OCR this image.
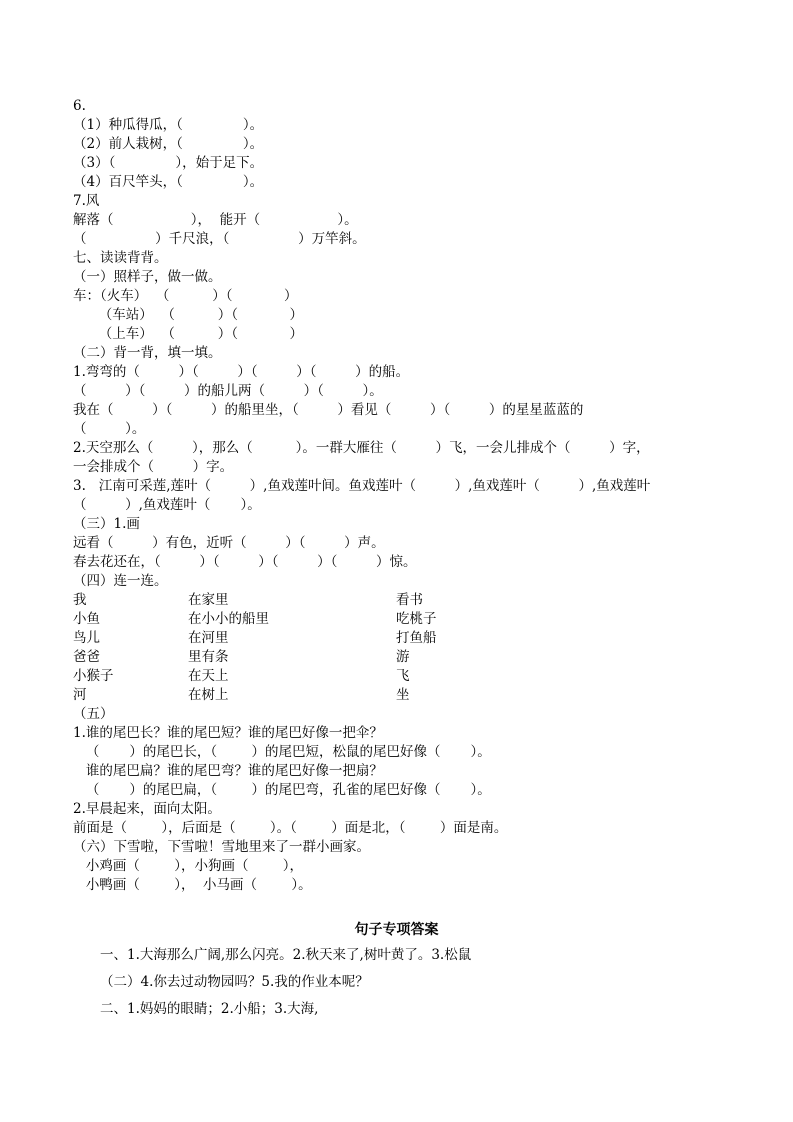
6.
（1）种瓜得瓜，（              ）。
（2）前人栽树，（              ）。
（3）（              ），始于足下。
（4）百尺竿头，（              ）。
7.风
解落（                  ），  能开（                  ）。
（                ）千尺浪，（                ）万竿斜。
七、读读背背。
（一）照样子，做一做。
车：（火车）  （          ）（            ）
（车站）  （          ）（            ）
（上车）  （          ）（            ）
（二）背一背，填一填。
1.弯弯的（         ）（         ）（         ）（         ）的船。
（         ）（         ）的船儿两（         ）（         ）。
我在（         ）（         ）的船里坐，（         ）看见（         ）（         ）的星星蓝蓝的
（         ）。
2.天空那么（         ），那么（          ）。一群大雁往（         ）飞，一会儿排成个（         ）字，
一会排成个（         ）字。
3.   江南可采莲,莲叶（         ）,鱼戏莲叶间。鱼戏莲叶（         ）,鱼戏莲叶（         ）,鱼戏莲叶
（         ）,鱼戏莲叶（       ）。
（三）1.画
远看（         ）有色，近听（         ）（         ）声。
春去花还在，（         ）（         ）（         ）（         ）惊。
（四）连一连。
我	在家里	看书
小鱼	在小小的船里	吃桃子
鸟儿	在河里	打鱼船
爸爸	里有条	游
小猴子	在天上	飞
河	在树上	坐
（五）
1.谁的尾巴长？谁的尾巴短？谁的尾巴好像一把伞？
（       ）的尾巴长，（        ）的尾巴短，松鼠的尾巴好像（       ）。
谁的尾巴扁？谁的尾巴弯？谁的尾巴好像一把扇？
（       ）的尾巴扁，（        ）的尾巴弯，孔雀的尾巴好像（       ）。
2.早晨起来，面向太阳。
前面是（        ），后面是（        ）。（        ）面是北，（        ）面是南。
（六）下雪啦，下雪啦！雪地里来了一群小画家。
小鸡画（        ），小狗画（        ），
小鸭画（        ），  小马画（        ）。
句子专项答案
一、1.大海那么广阔,那么闪亮。2.秋天来了,树叶黄了。3.松鼠
（二）4.你去过动物园吗？5.我的作业本呢？
二、1.妈妈的眼睛；2.小船；3.大海,
